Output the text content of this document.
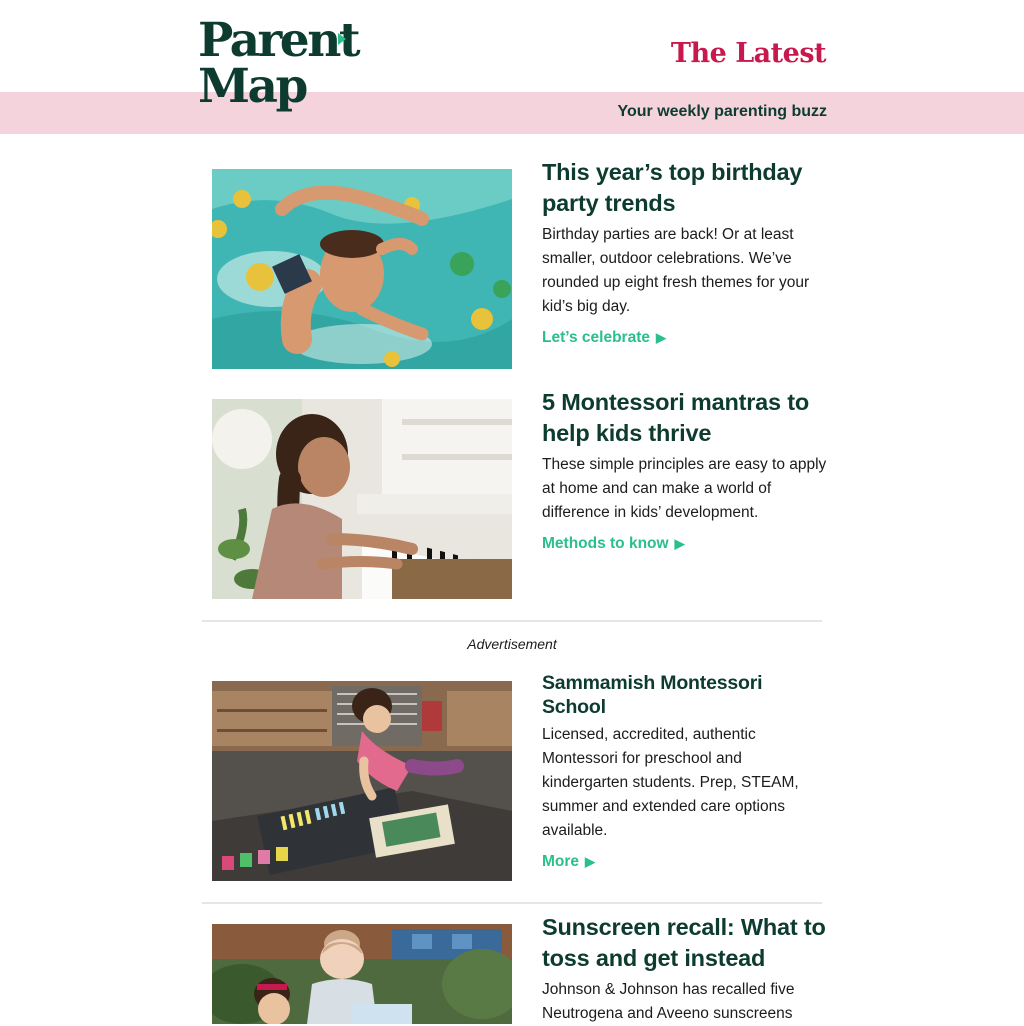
Parent
Map
The Latest
Your weekly parenting buzz
This year’s top birthday party trends

Birthday parties are back! Or at least smaller, outdoor celebrations. We’ve rounded up eight fresh themes for your kid’s big day.

Let’s celebrate ▶
5 Montessori mantras to help kids thrive

These simple principles are easy to apply at home and can make a world of difference in kids’ development.

Methods to know ▶
Advertisement
Sammamish Montessori School

Licensed, accredited, authentic Montessori for preschool and kindergarten students. Prep, STEAM, summer and extended care options available.

More ▶
Sunscreen recall: What to toss and get instead

Johnson & Johnson has recalled five Neutrogena and Aveeno sunscreens
